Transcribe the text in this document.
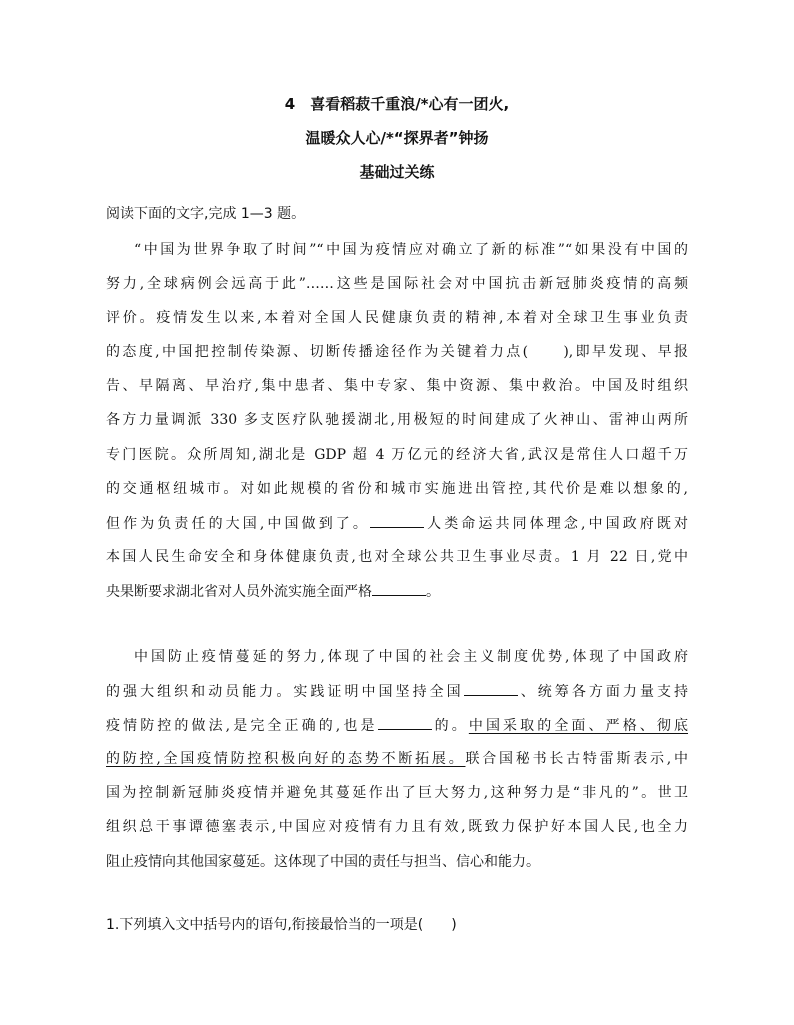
4　喜看稻菽千重浪/*心有一团火,
温暖众人心/*“探界者”钟扬
基础过关练
阅读下面的文字,完成 1—3 题。
“中国为世界争取了时间”“中国为疫情应对确立了新的标准”“如果没有中国的
努力,全球病例会远高于此”……这些是国际社会对中国抗击新冠肺炎疫情的高频
评价。疫情发生以来,本着对全国人民健康负责的精神,本着对全球卫生事业负责
的态度,中国把控制传染源、切断传播途径作为关键着力点(　　),即早发现、早报
告、早隔离、早治疗,集中患者、集中专家、集中资源、集中救治。中国及时组织
各方力量调派 330 多支医疗队驰援湖北,用极短的时间建成了火神山、雷神山两所
专门医院。众所周知,湖北是 GDP 超 4 万亿元的经济大省,武汉是常住人口超千万
的交通枢纽城市。对如此规模的省份和城市实施进出管控,其代价是难以想象的,
但作为负责任的大国,中国做到了。	人类命运共同体理念,中国政府既对
本国人民生命安全和身体健康负责,也对全球公共卫生事业尽责。1 月 22 日,党中
央果断要求湖北省对人员外流实施全面严格	。
中国防止疫情蔓延的努力,体现了中国的社会主义制度优势,体现了中国政府
的强大组织和动员能力。实践证明中国坚持全国	、统筹各方面力量支持
疫情防控的做法,是完全正确的,也是	的。中国采取的全面、严格、彻底
的防控,全国疫情防控积极向好的态势不断拓展。联合国秘书长古特雷斯表示,中
国为控制新冠肺炎疫情并避免其蔓延作出了巨大努力,这种努力是“非凡的”。世卫
组织总干事谭德塞表示,中国应对疫情有力且有效,既致力保护好本国人民,也全力
阻止疫情向其他国家蔓延。这体现了中国的责任与担当、信心和能力。
1.下列填入文中括号内的语句,衔接最恰当的一项是(　　)
